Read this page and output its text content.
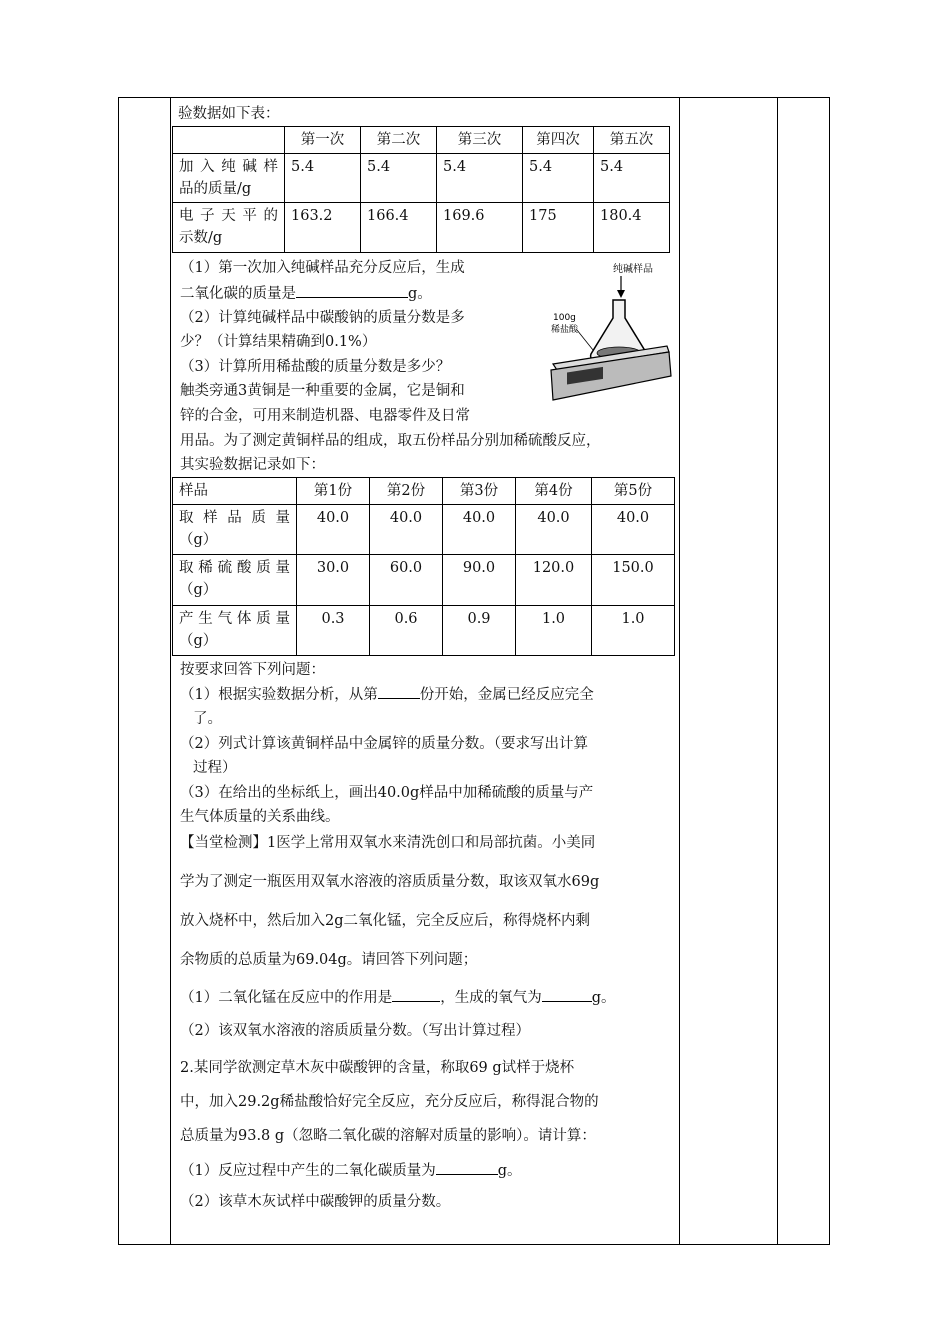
验数据如下表：
	第一次	第二次	第三次	第四次	第五次

加入纯碱样
品的质量/g	5.4	5.4	5.4	5.4	5.4

电子天平的
示数/g	163.2	166.4	169.6	175	180.4
（1）第一次加入纯碱样品充分反应后，生成
二氧化碳的质量是	g。
（2）计算纯碱样品中碳酸钠的质量分数是多
少？（计算结果精确到0.1%）
（3）计算所用稀盐酸的质量分数是多少？
触类旁通3黄铜是一种重要的金属，它是铜和
锌的合金，可用来制造机器、电器零件及日常
用品。为了测定黄铜样品的组成，取五份样品分别加稀硫酸反应，
其实验数据记录如下：
纯碱样品
100g
稀盐酸
样品	第1份	第2份	第3份	第4份	第5份

取样品质量
（g）	40.0	40.0	40.0	40.0	40.0

取稀硫酸质量
（g）	30.0	60.0	90.0	120.0	150.0

产生气体质量
（g）	0.3	0.6	0.9	1.0	1.0
按要求回答下列问题：
（1）根据实验数据分析，从第	份开始，金属已经反应完全
了。
（2）列式计算该黄铜样品中金属锌的质量分数。（要求写出计算
过程）
（3）在给出的坐标纸上，画出40.0g样品中加稀硫酸的质量与产
生气体质量的关系曲线。
【当堂检测】1医学上常用双氧水来清洗创口和局部抗菌。小美同
学为了测定一瓶医用双氧水溶液的溶质质量分数，取该双氧水69g
放入烧杯中，然后加入2g二氧化锰，完全反应后，称得烧杯内剩
余物质的总质量为69.04g。请回答下列问题；
（1）二氧化锰在反应中的作用是	，生成的氧气为	g。
（2）该双氧水溶液的溶质质量分数。（写出计算过程）
2.某同学欲测定草木灰中碳酸钾的含量，称取69 g试样于烧杯
中，加入29.2g稀盐酸恰好完全反应，充分反应后，称得混合物的
总质量为93.8 g（忽略二氧化碳的溶解对质量的影响）。请计算：
（1）反应过程中产生的二氧化碳质量为	g。
（2）该草木灰试样中碳酸钾的质量分数。
